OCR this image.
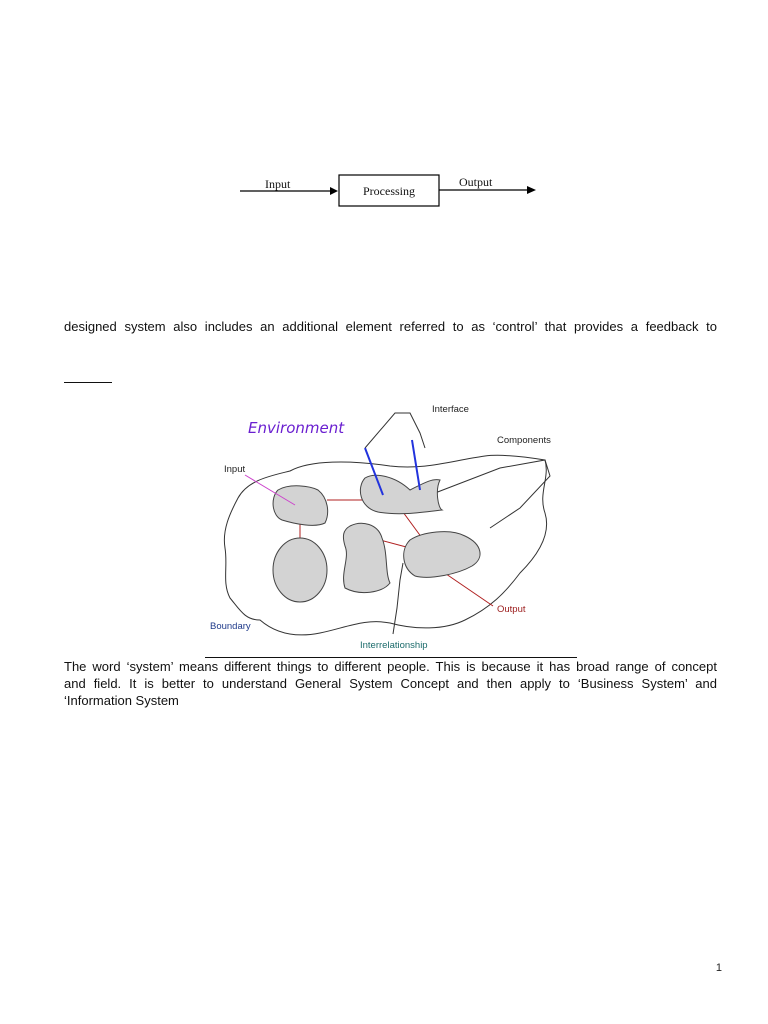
Input	Processing
Output
designed system also includes an additional element referred to as ‘control’ that provides a feedback to
Environment
Interface
Components
Input
Boundary
Output
Interrelationship
The word ‘system’ means different things to different people. This is because it has broad range of concept
and field. It is better to understand General System Concept and then apply to ‘Business System’ and
‘Information System
1
